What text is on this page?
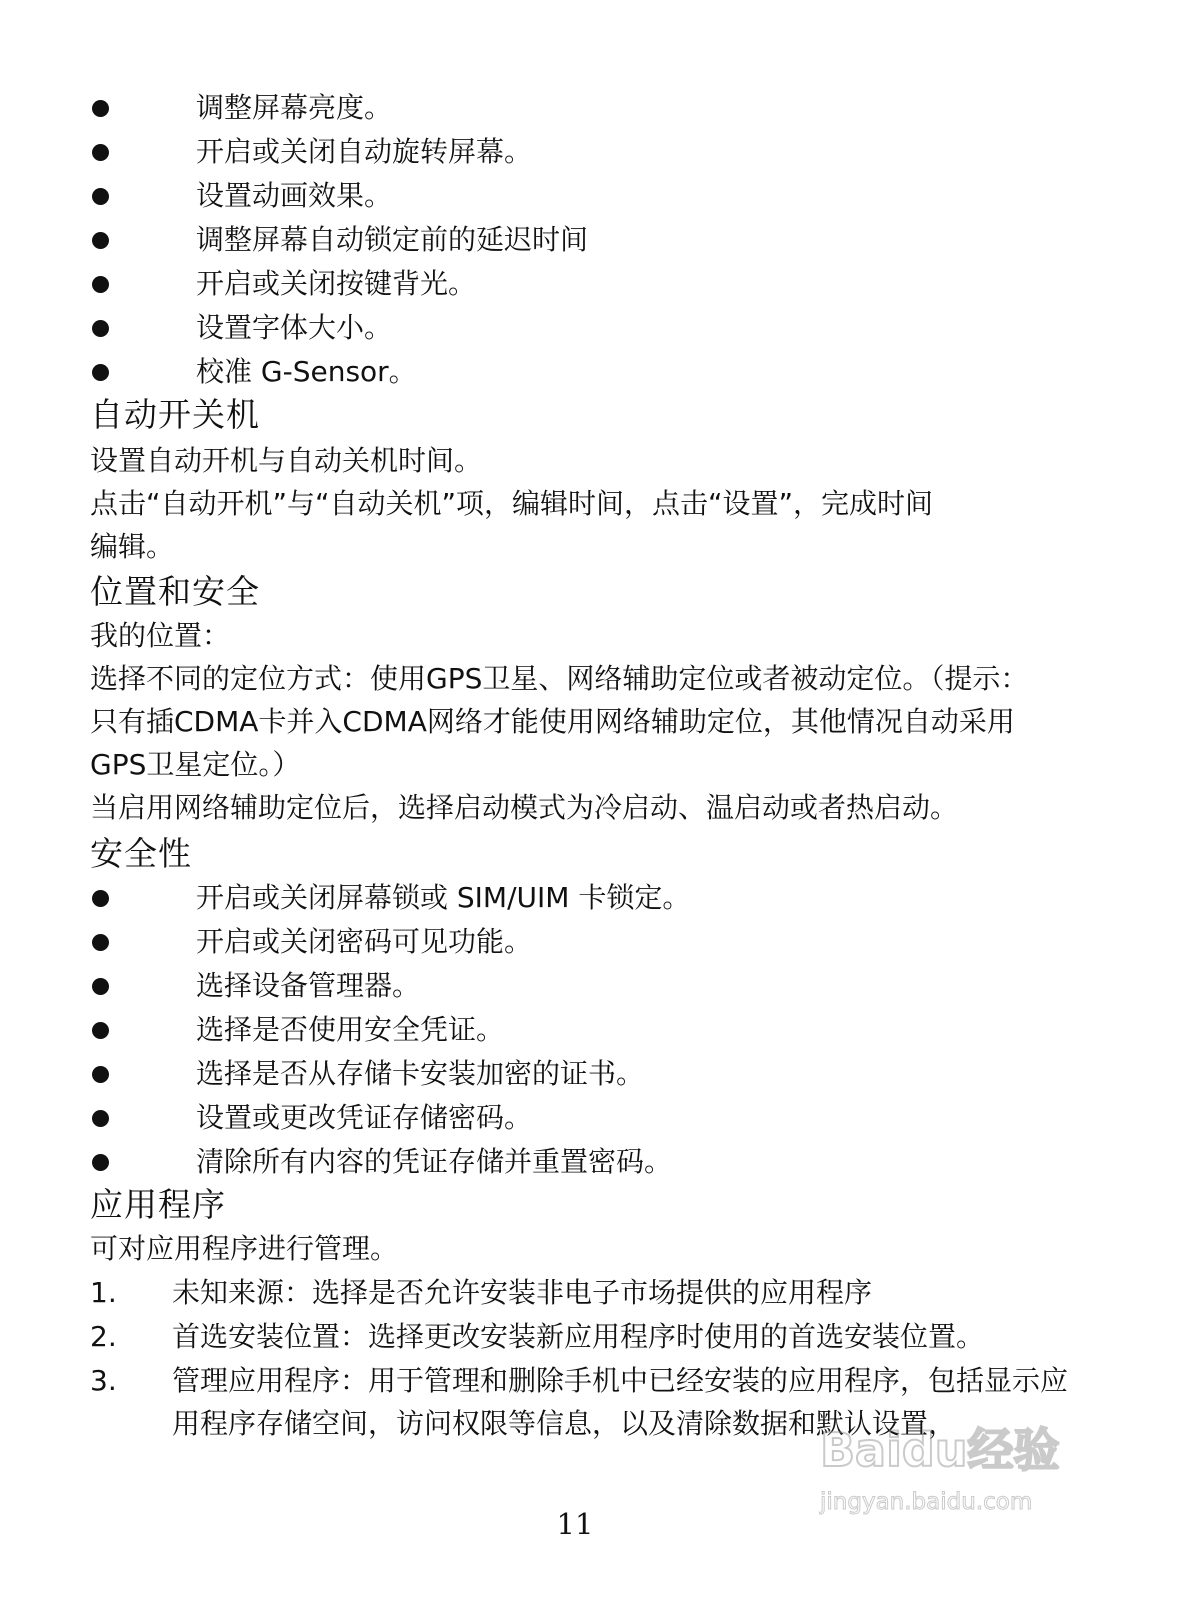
调整屏幕亮度。
开启或关闭自动旋转屏幕。
设置动画效果。
调整屏幕自动锁定前的延迟时间
开启或关闭按键背光。
设置字体大小。
校准 G-Sensor。
自动开关机
设置自动开机与自动关机时间。
点击“自动开机”与“自动关机”项，编辑时间，点击“设置”，完成时间
编辑。
位置和安全
我的位置：
选择不同的定位方式：使用GPS卫星、网络辅助定位或者被动定位。（提示：
只有插CDMA卡并入CDMA网络才能使用网络辅助定位，其他情况自动采用
GPS卫星定位。）
当启用网络辅助定位后，选择启动模式为冷启动、温启动或者热启动。
安全性
开启或关闭屏幕锁或 SIM/UIM 卡锁定。
开启或关闭密码可见功能。
选择设备管理器。
选择是否使用安全凭证。
选择是否从存储卡安装加密的证书。
设置或更改凭证存储密码。
清除所有内容的凭证存储并重置密码。
应用程序
可对应用程序进行管理。
1. 未知来源：选择是否允许安装非电子市场提供的应用程序
2. 首选安装位置：选择更改安装新应用程序时使用的首选安装位置。
3. 管理应用程序：用于管理和删除手机中已经安装的应用程序，包括显示应用程序存储空间，访问权限等信息，以及清除数据和默认设置，
11
Baidu经验
jingyan.baidu.com
